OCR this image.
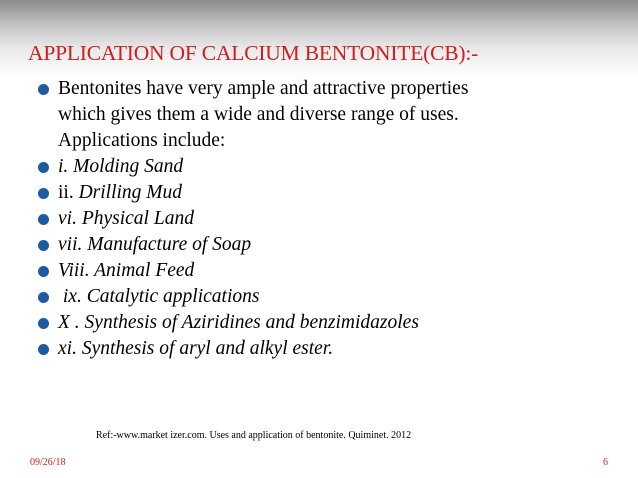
APPLICATION OF CALCIUM BENTONITE(CB):-
Bentonites have very ample and attractive properties
which gives them a wide and diverse range of uses.
Applications include:
i. Molding Sand
ii. Drilling Mud
vi. Physical Land
vii. Manufacture of Soap
Viii. Animal Feed
ix. Catalytic applications
X . Synthesis of Aziridines and benzimidazoles
xi. Synthesis of aryl and alkyl ester.
Ref:-www.market izer.com. Uses and application of bentonite. Quiminet. 2012
09/26/18	6
